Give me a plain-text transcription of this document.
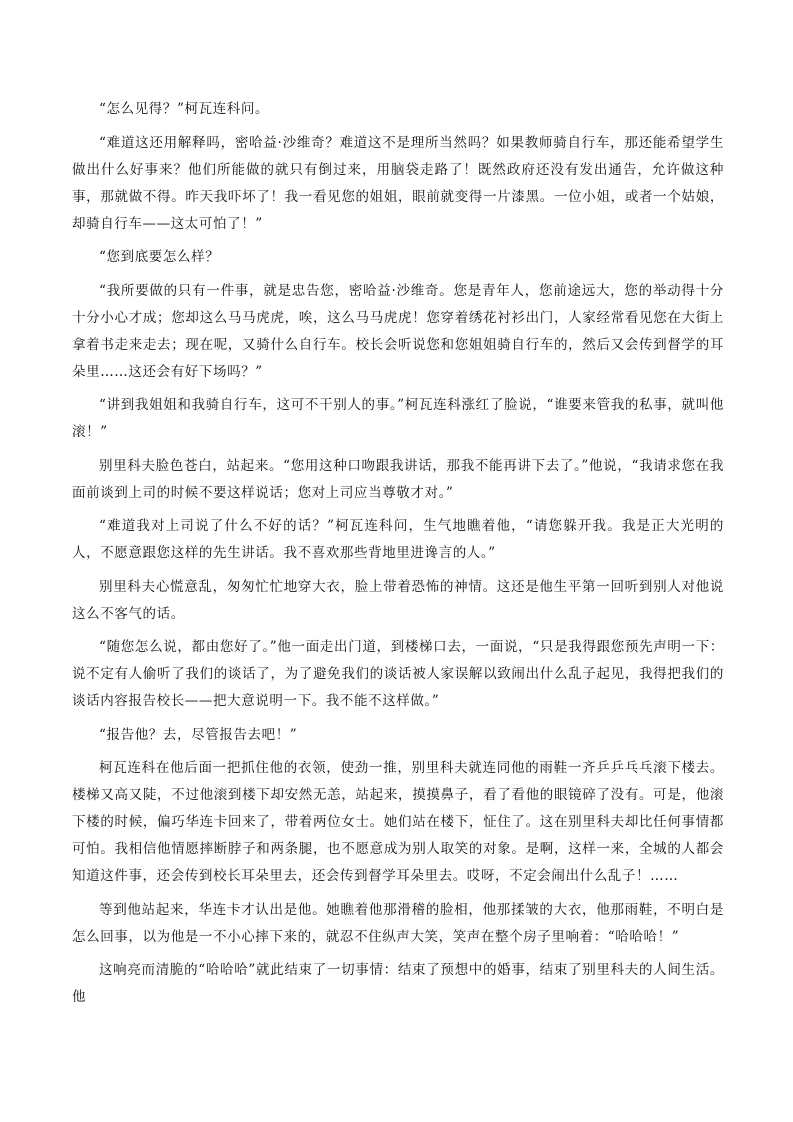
“怎么见得？”柯瓦连科问。

“难道这还用解释吗，密哈益·沙维奇？难道这不是理所当然吗？如果教师骑自行车，那还能希望学生做出什么好事来？他们所能做的就只有倒过来，用脑袋走路了！既然政府还没有发出通告，允许做这种事，那就做不得。昨天我吓坏了！我一看见您的姐姐，眼前就变得一片漆黑。一位小姐，或者一个姑娘，却骑自行车——这太可怕了！”

“您到底要怎么样？

“我所要做的只有一件事，就是忠告您，密哈益·沙维奇。您是青年人，您前途远大，您的举动得十分十分小心才成；您却这么马马虎虎，唉，这么马马虎虎！您穿着绣花衬衫出门，人家经常看见您在大街上拿着书走来走去；现在呢，又骑什么自行车。校长会听说您和您姐姐骑自行车的，然后又会传到督学的耳朵里……这还会有好下场吗？”

“讲到我姐姐和我骑自行车，这可不干别人的事。”柯瓦连科涨红了脸说，“谁要来管我的私事，就叫他滚！”

别里科夫脸色苍白，站起来。“您用这种口吻跟我讲话，那我不能再讲下去了。”他说，“我请求您在我面前谈到上司的时候不要这样说话；您对上司应当尊敬才对。”

“难道我对上司说了什么不好的话？”柯瓦连科问，生气地瞧着他，“请您躲开我。我是正大光明的人，不愿意跟您这样的先生讲话。我不喜欢那些背地里进谗言的人。”

别里科夫心慌意乱，匆匆忙忙地穿大衣，脸上带着恐怖的神情。这还是他生平第一回听到别人对他说这么不客气的话。

“随您怎么说，都由您好了。”他一面走出门道，到楼梯口去，一面说，“只是我得跟您预先声明一下：说不定有人偷听了我们的谈话了，为了避免我们的谈话被人家误解以致闹出什么乱子起见，我得把我们的谈话内容报告校长——把大意说明一下。我不能不这样做。”

“报告他？去，尽管报告去吧！”

柯瓦连科在他后面一把抓住他的衣领，使劲一推，别里科夫就连同他的雨鞋一齐乒乒乓乓滚下楼去。楼梯又高又陡，不过他滚到楼下却安然无恙，站起来，摸摸鼻子，看了看他的眼镜碎了没有。可是，他滚下楼的时候，偏巧华连卡回来了，带着两位女士。她们站在楼下，怔住了。这在别里科夫却比任何事情都可怕。我相信他情愿摔断脖子和两条腿，也不愿意成为别人取笑的对象。是啊，这样一来，全城的人都会知道这件事，还会传到校长耳朵里去，还会传到督学耳朵里去。哎呀，不定会闹出什么乱子！……

等到他站起来，华连卡才认出是他。她瞧着他那滑稽的脸相，他那揉皱的大衣，他那雨鞋，不明白是怎么回事，以为他是一不小心摔下来的，就忍不住纵声大笑，笑声在整个房子里响着：“哈哈哈！”

这响亮而清脆的“哈哈哈”就此结束了一切事情：结束了预想中的婚事，结束了别里科夫的人间生活。他
